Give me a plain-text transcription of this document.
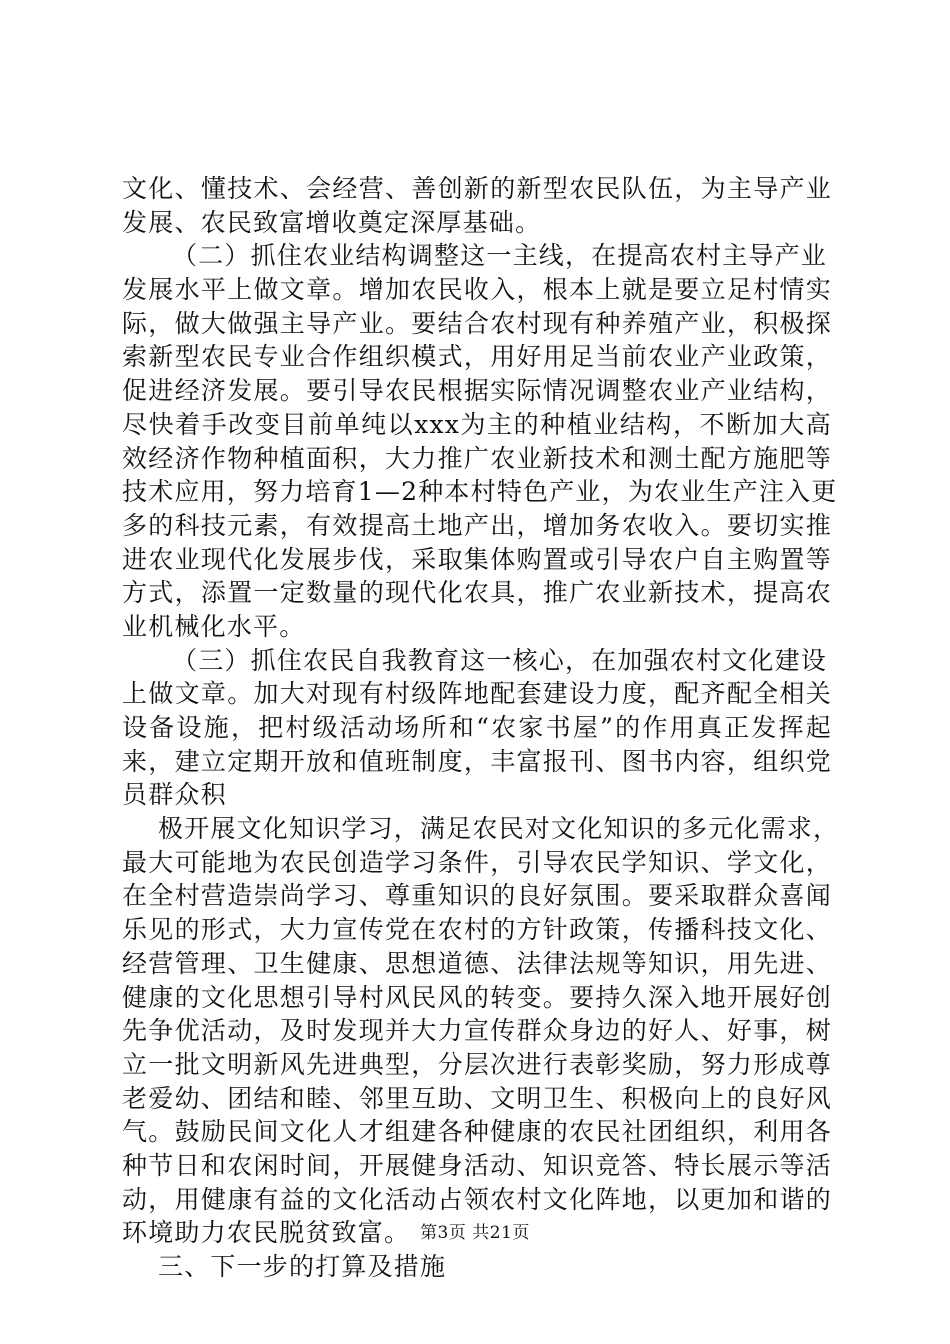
文化、懂技术、会经营、善创新的新型农民队伍，为主导产业
发展、农民致富增收奠定深厚基础。
（二）抓住农业结构调整这一主线，在提高农村主导产业
发展水平上做文章。增加农民收入，根本上就是要立足村情实
际，做大做强主导产业。要结合农村现有种养殖产业，积极探
索新型农民专业合作组织模式，用好用足当前农业产业政策，
促进经济发展。要引导农民根据实际情况调整农业产业结构，
尽快着手改变目前单纯以xxx为主的种植业结构，不断加大高
效经济作物种植面积，大力推广农业新技术和测土配方施肥等
技术应用，努力培育1—2种本村特色产业，为农业生产注入更
多的科技元素，有效提高土地产出，增加务农收入。要切实推
进农业现代化发展步伐，采取集体购置或引导农户自主购置等
方式，添置一定数量的现代化农具，推广农业新技术，提高农
业机械化水平。
（三）抓住农民自我教育这一核心，在加强农村文化建设
上做文章。加大对现有村级阵地配套建设力度，配齐配全相关
设备设施，把村级活动场所和“农家书屋”的作用真正发挥起
来，建立定期开放和值班制度，丰富报刊、图书内容，组织党
员群众积
极开展文化知识学习，满足农民对文化知识的多元化需求，
最大可能地为农民创造学习条件，引导农民学知识、学文化，
在全村营造崇尚学习、尊重知识的良好氛围。要采取群众喜闻
乐见的形式，大力宣传党在农村的方针政策，传播科技文化、
经营管理、卫生健康、思想道德、法律法规等知识，用先进、
健康的文化思想引导村风民风的转变。要持久深入地开展好创
先争优活动，及时发现并大力宣传群众身边的好人、好事，树
立一批文明新风先进典型，分层次进行表彰奖励，努力形成尊
老爱幼、团结和睦、邻里互助、文明卫生、积极向上的良好风
气。鼓励民间文化人才组建各种健康的农民社团组织，利用各
种节日和农闲时间，开展健身活动、知识竞答、特长展示等活
动，用健康有益的文化活动占领农村文化阵地，以更加和谐的
环境助力农民脱贫致富。
三、下一步的打算及措施
第3页 共21页
